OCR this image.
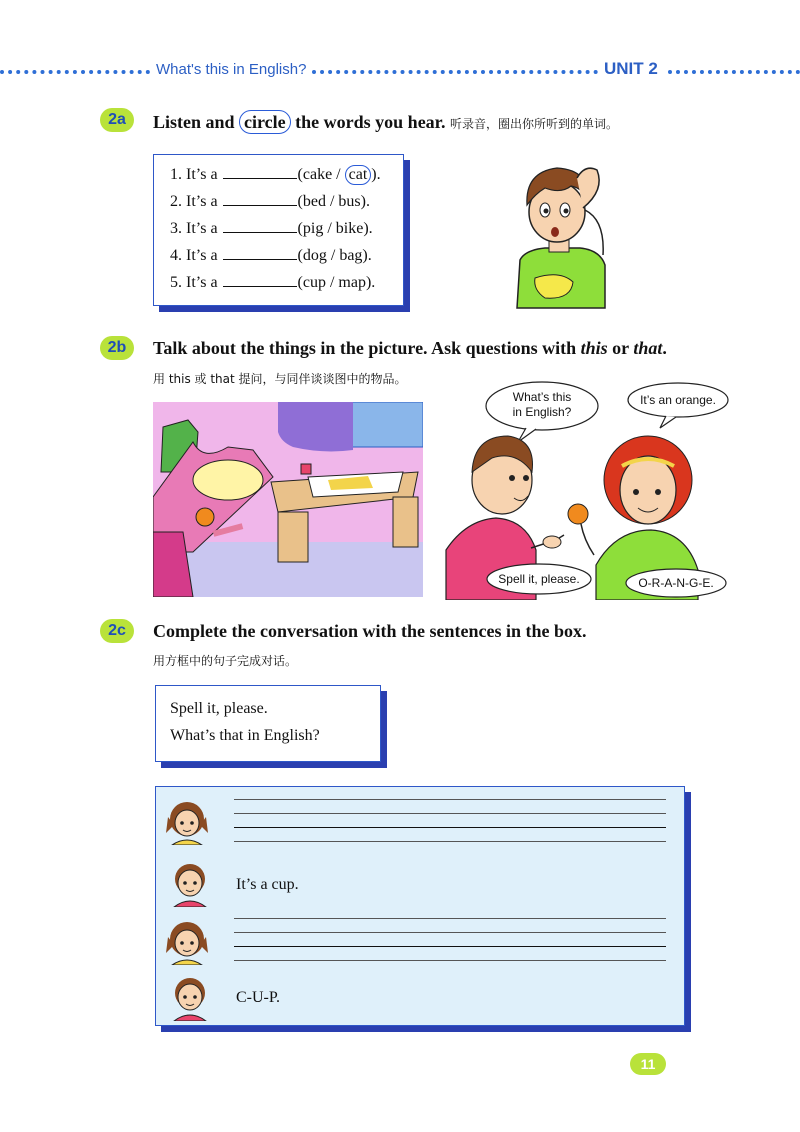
What's this in English?	UNIT 2
2a	Listen and circle the words you hear. 听录音，圈出你所听到的单词。
1. It’s a	(cake / cat ).
2. It’s a	(bed / bus).
3. It’s a	(pig / bike).
4. It’s a	(dog / bag).
5. It’s a	(cup / map).
2b	Talk about the things in the picture. Ask questions with this or that.
用 this 或 that 提问，与同伴谈谈图中的物品。
What’s this
in English?
It’s an orange.
Spell it, please.	O-R-A-N-G-E.
2c	Complete the conversation with the sentences in the box.
用方框中的句子完成对话。
Spell it, please.
What’s that in English?
It’s a cup.
C-U-P.
11
